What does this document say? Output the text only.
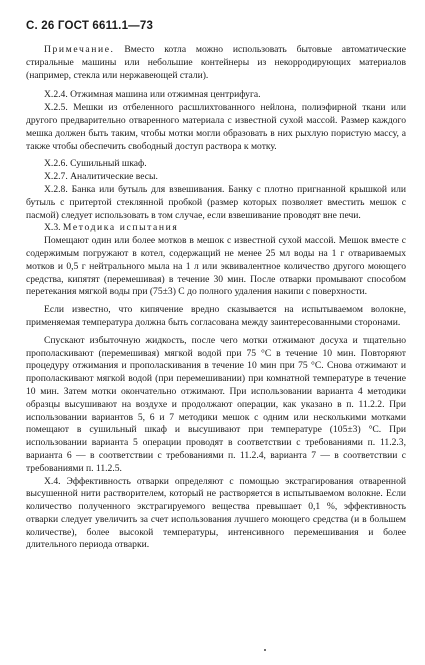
С. 26 ГОСТ 6611.1—73

Примечание. Вместо котла можно использовать бытовые автоматические стиральные машины или небольшие контейнеры из некорродирующих материалов (например, стекла или нержавеющей стали).

Х.2.4. Отжимная машина или отжимная центрифуга.

Х.2.5. Мешки из отбеленного расшлихтованного нейлона, полиэфирной ткани или другого предварительно отваренного материала с известной сухой массой. Размер каждого мешка должен быть таким, чтобы мотки могли образовать в них рыхлую пористую массу, а также чтобы обеспечить свободный доступ раствора к мотку.

Х.2.6. Сушильный шкаф.

Х.2.7. Аналитические весы.

Х.2.8. Банка или бутыль для взвешивания. Банку с плотно пригнанной крышкой или бутыль с притертой стеклянной пробкой (размер которых позволяет вместить мешок с пасмой) следует использовать в том случае, если взвешивание проводят вне печи.

Х.3. Методика испытания

Помещают один или более мотков в мешок с известной сухой массой. Мешок вместе с содержимым погружают в котел, содержащий не менее 25 мл воды на 1 г отвариваемых мотков и 0,5 г нейтрального мыла на 1 л или эквивалентное количество другого моющего средства, кипятят (перемешивая) в течение 30 мин. После отварки промывают способом перетекания мягкой воды при (75±3) С до полного удаления накипи с поверхности.

Если известно, что кипячение вредно сказывается на испытываемом волокне, применяемая температура должна быть согласована между заинтересованными сторонами.

Спускают избыточную жидкость, после чего мотки отжимают досуха и тщательно прополаскивают (перемешивая) мягкой водой при 75 °С в течение 10 мин. Повторяют процедуру отжимания и прополаскивания в течение 10 мин при 75 °С. Снова отжимают и прополаскивают мягкой водой (при перемешивании) при комнатной температуре в течение 10 мин. Затем мотки окончательно отжимают. При использовании варианта 4 методики образцы высушивают на воздухе и продолжают операции, как указано в п. 11.2.2. При использовании вариантов 5, 6 и 7 методики мешок с одним или несколькими мотками помещают в сушильный шкаф и высушивают при температуре (105±3) °С. При использовании варианта 5 операции проводят в соответствии с требованиями п. 11.2.3, варианта 6 — в соответствии с требованиями п. 11.2.4, варианта 7 — в соответствии с требованиями п. 11.2.5.

Х.4. Эффективность отварки определяют с помощью экстрагирования отваренной высушенной нити растворителем, который не растворяется в испытываемом волокне. Если количество полученного экстрагируемого вещества превышает 0,1 %, эффективность отварки следует увеличить за счет использования лучшего моющего средства (и в большем количестве), более высокой температуры, интенсивного перемешивания и более длительного периода отварки.
